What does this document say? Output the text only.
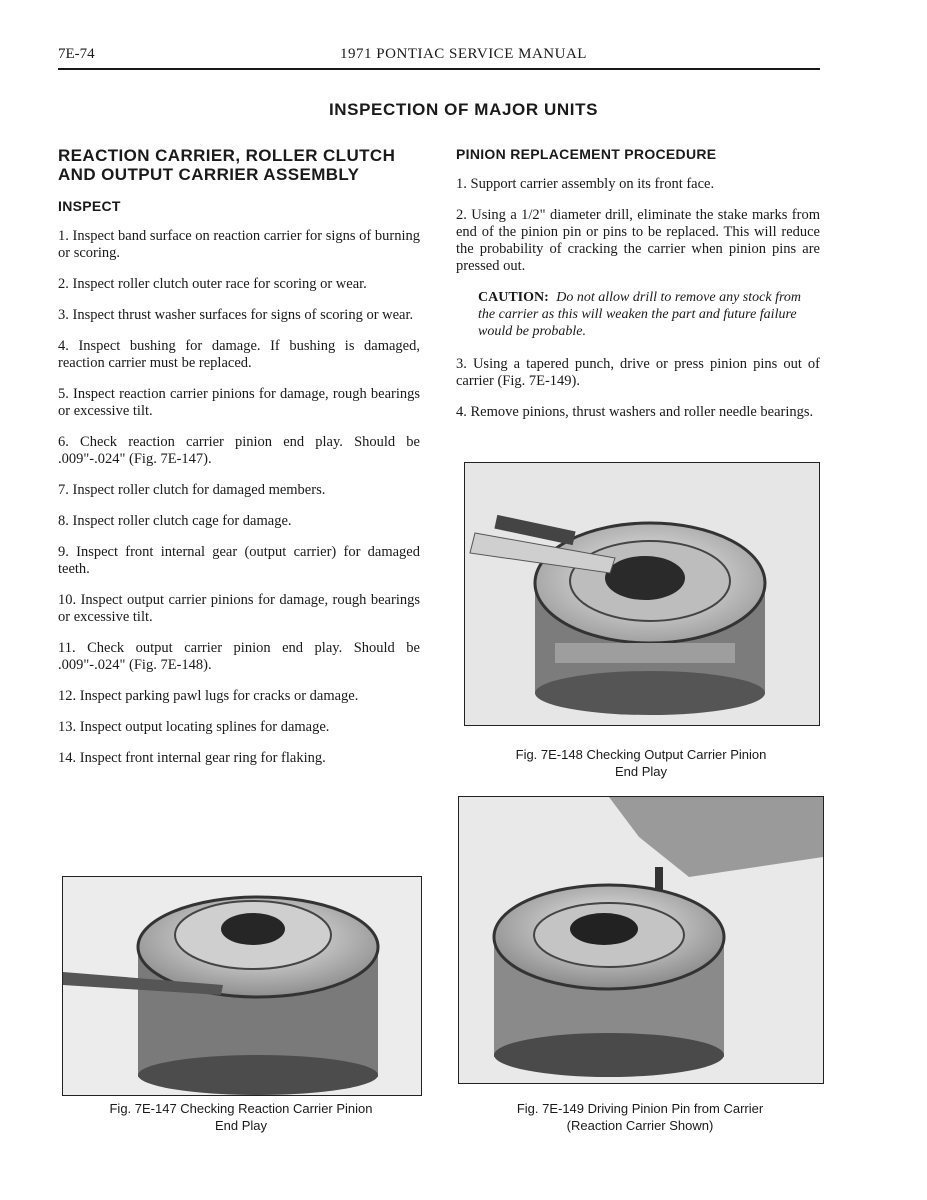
7E-74	1971 PONTIAC SERVICE MANUAL
INSPECTION OF MAJOR UNITS
REACTION CARRIER, ROLLER CLUTCH AND OUTPUT CARRIER ASSEMBLY
INSPECT

1. Inspect band surface on reaction carrier for signs of burning or scoring.

2. Inspect roller clutch outer race for scoring or wear.

3. Inspect thrust washer surfaces for signs of scoring or wear.

4. Inspect bushing for damage. If bushing is damaged, reaction carrier must be replaced.

5. Inspect reaction carrier pinions for damage, rough bearings or excessive tilt.

6. Check reaction carrier pinion end play. Should be .009"-.024" (Fig. 7E-147).

7. Inspect roller clutch for damaged members.

8. Inspect roller clutch cage for damage.

9. Inspect front internal gear (output carrier) for damaged teeth.

10. Inspect output carrier pinions for damage, rough bearings or excessive tilt.

11. Check output carrier pinion end play. Should be .009"-.024" (Fig. 7E-148).

12. Inspect parking pawl lugs for cracks or damage.

13. Inspect output locating splines for damage.

14. Inspect front internal gear ring for flaking.

PINION REPLACEMENT PROCEDURE

1. Support carrier assembly on its front face.

2. Using a 1/2" diameter drill, eliminate the stake marks from end of the pinion pin or pins to be replaced. This will reduce the probability of cracking the carrier when pinion pins are pressed out.

CAUTION: Do not allow drill to remove any stock from the carrier as this will weaken the part and future failure would be probable.

3. Using a tapered punch, drive or press pinion pins out of carrier (Fig. 7E-149).

4. Remove pinions, thrust washers and roller needle bearings.

Fig. 7E-148 Checking Output Carrier Pinion
End Play
Fig. 7E-149 Driving Pinion Pin from Carrier
(Reaction Carrier Shown)
Fig. 7E-147 Checking Reaction Carrier Pinion
End Play
